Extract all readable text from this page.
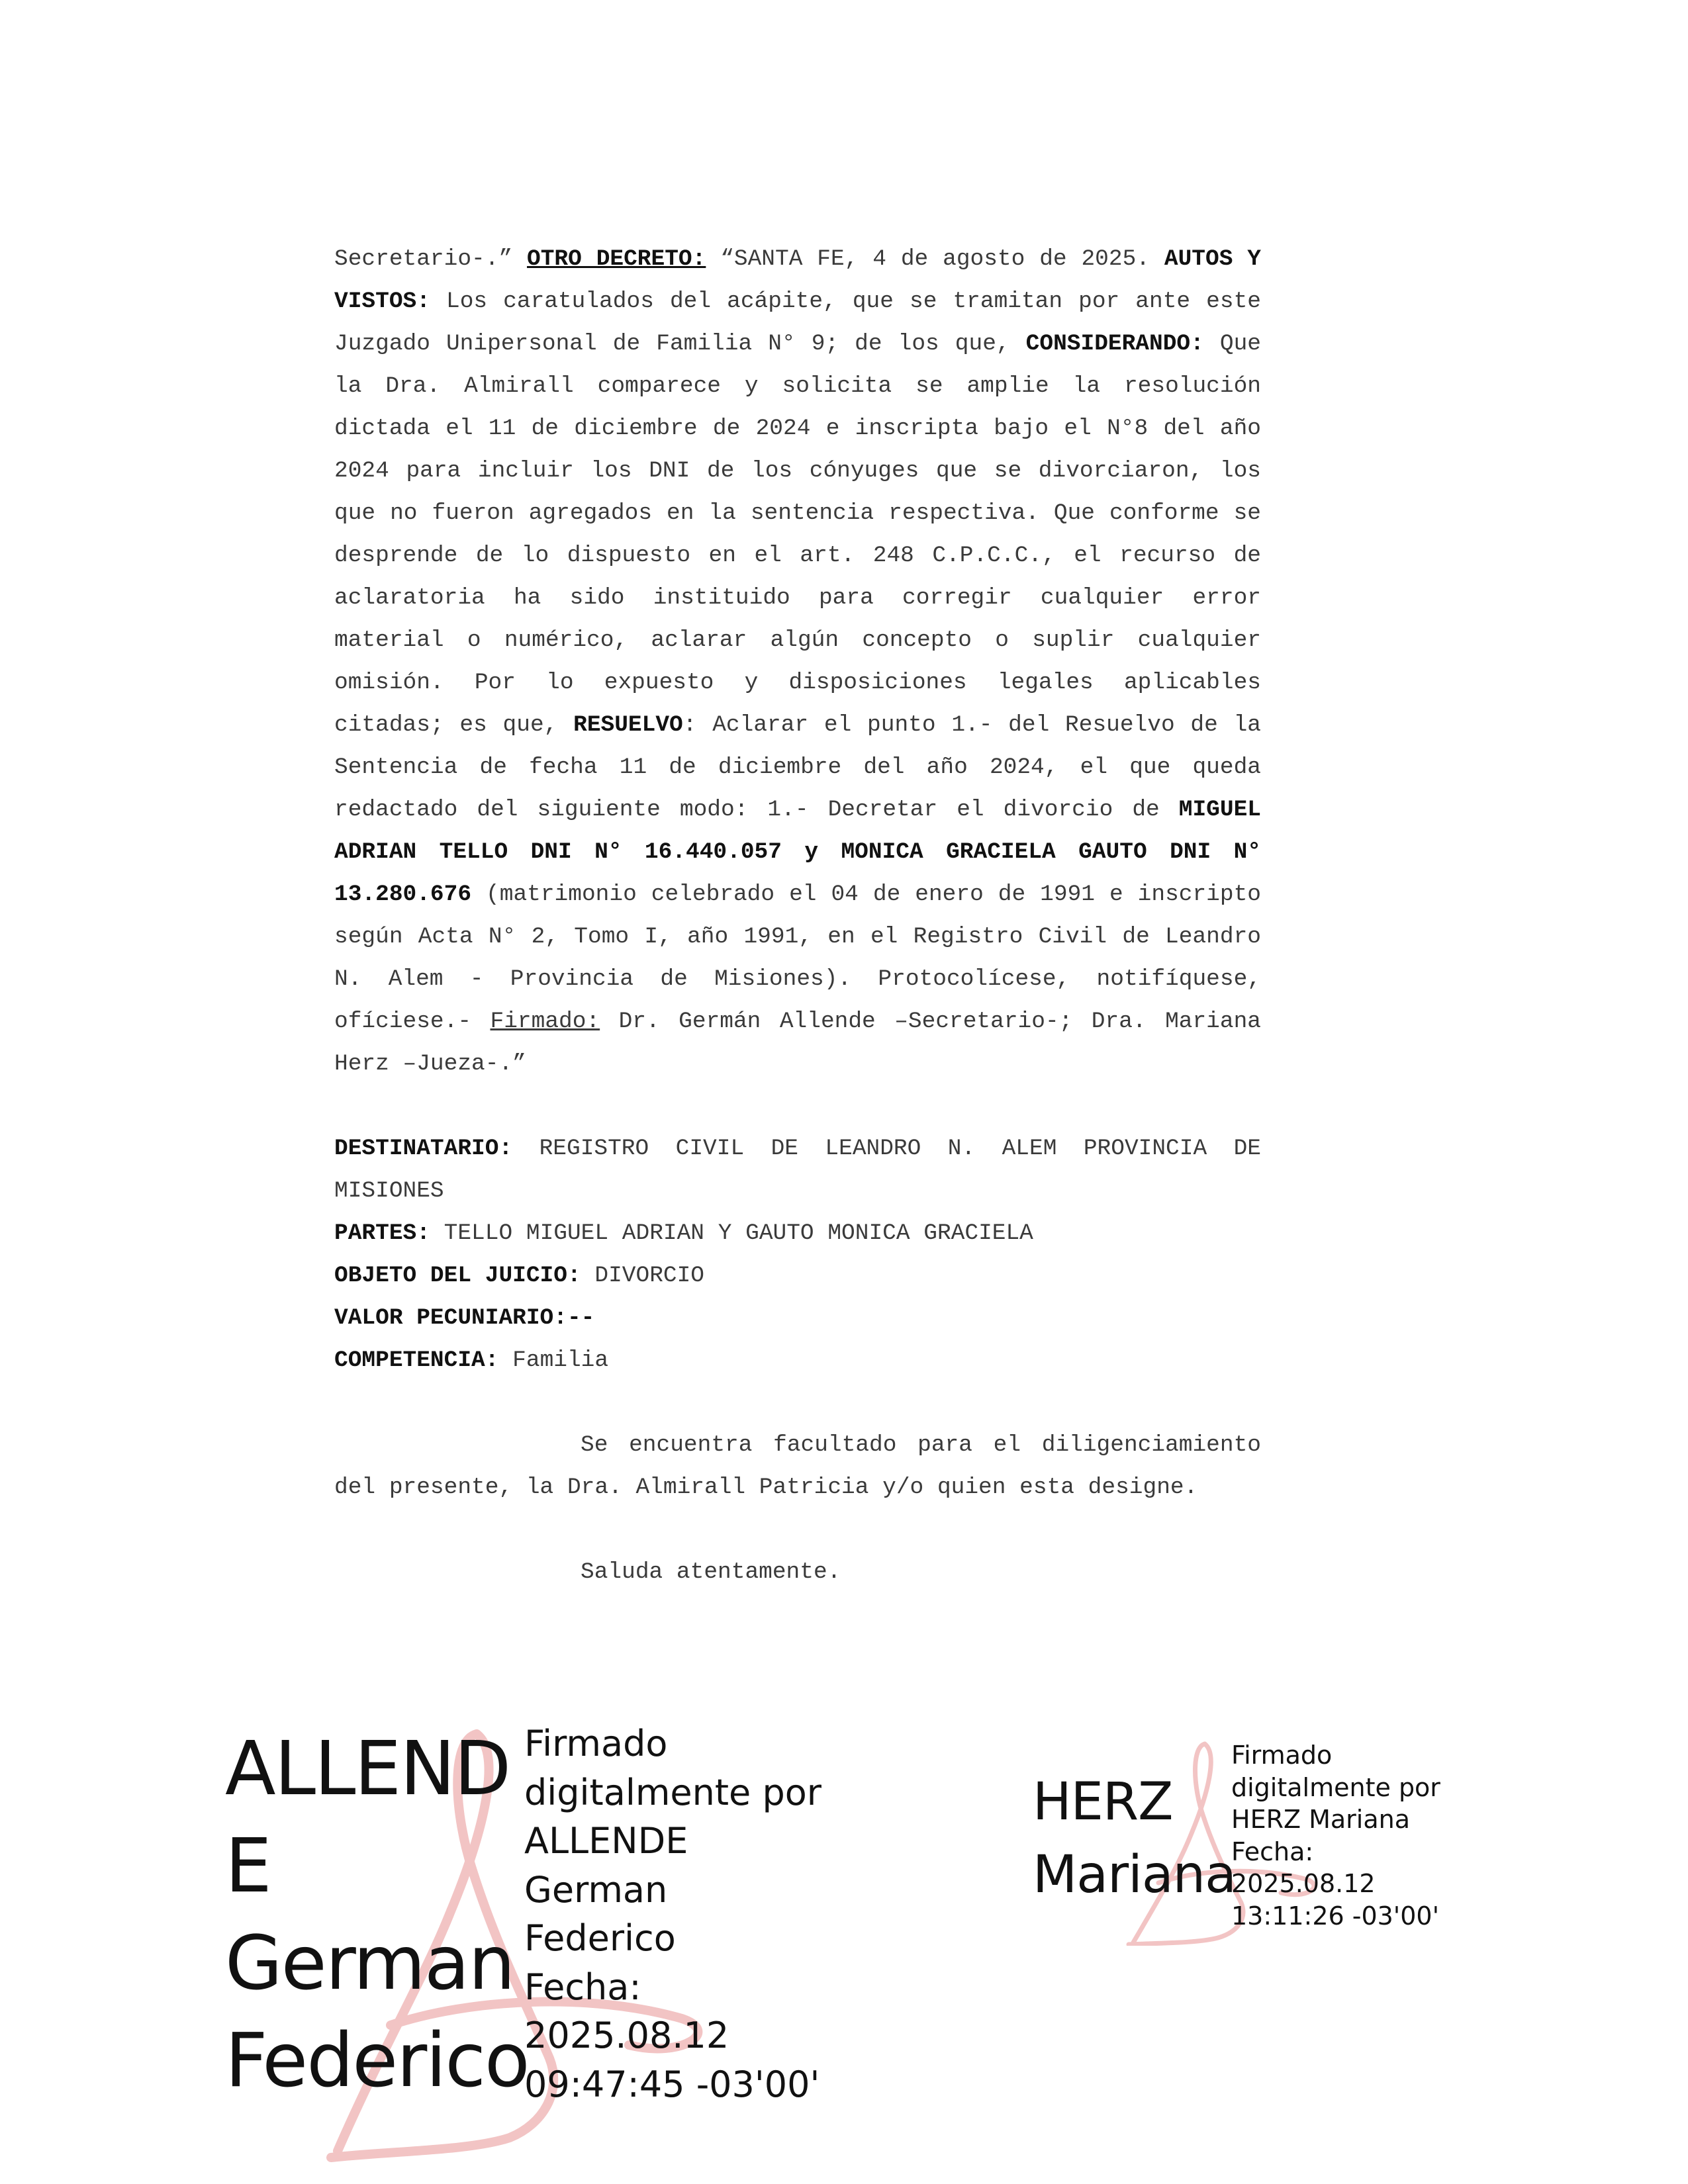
Secretario-.” OTRO DECRETO: “SANTA FE, 4 de agosto de 2025. AUTOS Y VISTOS: Los caratulados del acápite, que se tramitan por ante este Juzgado Unipersonal de Familia N° 9; de los que, CONSIDERANDO: Que la Dra. Almirall comparece y solicita se amplie la resolución dictada el 11 de diciembre de 2024 e inscripta bajo el N°8 del año 2024 para incluir los DNI de los cónyuges que se divorciaron, los que no fueron agregados en la sentencia respectiva. Que conforme se desprende de lo dispuesto en el art. 248 C.P.C.C., el recurso de aclaratoria ha sido instituido para corregir cualquier error material o numérico, aclarar algún concepto o suplir cualquier omisión. Por lo expuesto y disposiciones legales aplicables citadas; es que, RESUELVO: Aclarar el punto 1.- del Resuelvo de la Sentencia de fecha 11 de diciembre del año 2024, el que queda redactado del siguiente modo: 1.- Decretar el divorcio de MIGUEL ADRIAN TELLO DNI N° 16.440.057 y MONICA GRACIELA GAUTO DNI N° 13.280.676 (matrimonio celebrado el 04 de enero de 1991 e inscripto según Acta N° 2, Tomo I, año 1991, en el Registro Civil de Leandro N. Alem - Provincia de Misiones). Protocolícese, notifíquese, ofíciese.- Firmado: Dr. Germán Allende –Secretario-; Dra. Mariana Herz –Jueza-.”

DESTINATARIO: REGISTRO CIVIL DE LEANDRO N. ALEM PROVINCIA DE MISIONES

PARTES: TELLO MIGUEL ADRIAN Y GAUTO MONICA GRACIELA

OBJETO DEL JUICIO: DIVORCIO

VALOR PECUNIARIO:--

COMPETENCIA: Familia

Se encuentra facultado para el diligenciamiento del presente, la Dra. Almirall Patricia y/o quien esta designe.

Saluda atentamente.

ALLEND
E
German
Federico
Firmado
digitalmente por
ALLENDE
German
Federico
Fecha:
2025.08.12
09:47:45 -03'00'
HERZ
Mariana
Firmado
digitalmente por
HERZ Mariana
Fecha:
2025.08.12
13:11:26 -03'00'
